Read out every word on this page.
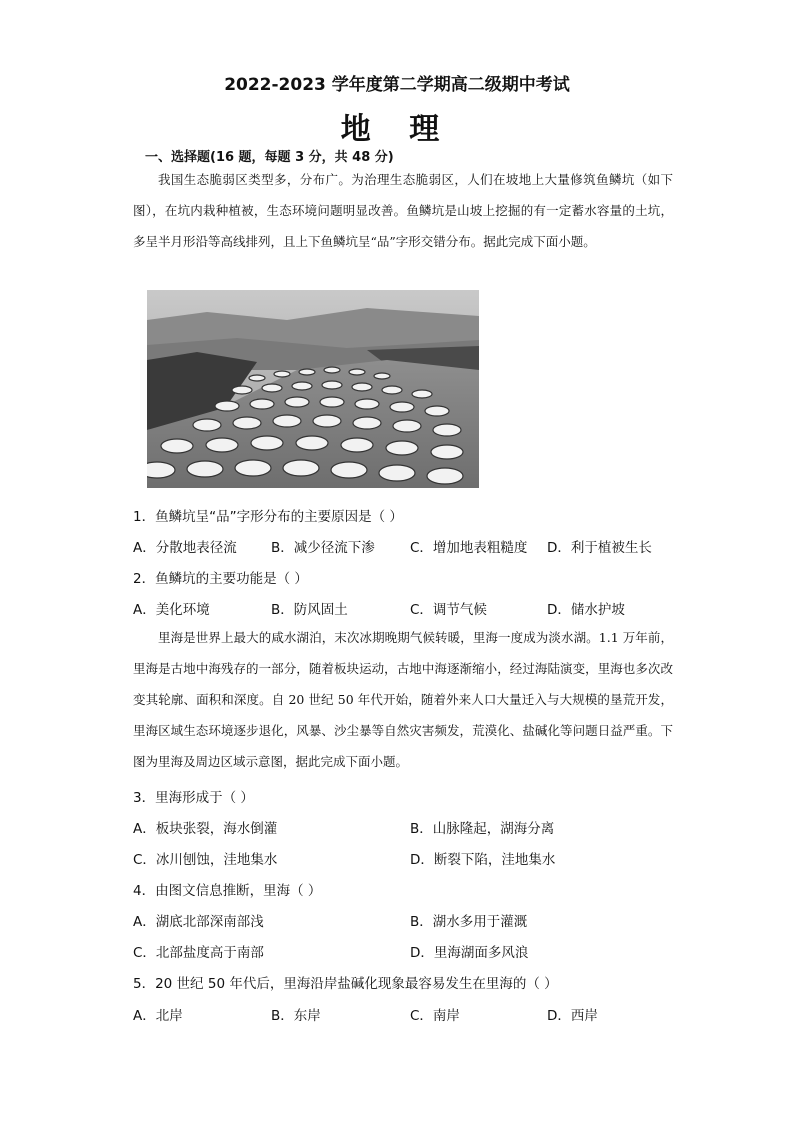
2022-2023 学年度第二学期高二级期中考试
地 理
一、选择题(16 题，每题 3 分，共 48 分)

我国生态脆弱区类型多，分布广。为治理生态脆弱区，人们在坡地上大量修筑鱼鳞坑（如下图），在坑内栽种植被，生态环境问题明显改善。鱼鳞坑是山坡上挖掘的有一定蓄水容量的土坑，多呈半月形沿等高线排列，且上下鱼鳞坑呈“品”字形交错分布。据此完成下面小题。

1．鱼鳞坑呈“品”字形分布的主要原因是（ ）
A．分散地表径流	B．减少径流下渗	C．增加地表粗糙度 D．利于植被生长
2．鱼鳞坑的主要功能是（ ）
A．美化环境	B．防风固土	C．调节气候	D．储水护坡

里海是世界上最大的咸水湖泊，末次冰期晚期气候转暖，里海一度成为淡水湖。1.1 万年前，里海是古地中海残存的一部分，随着板块运动，古地中海逐渐缩小，经过海陆演变，里海也多次改变其轮廓、面积和深度。自 20 世纪 50 年代开始，随着外来人口大量迁入与大规模的垦荒开发，里海区域生态环境逐步退化，风暴、沙尘暴等自然灾害频发，荒漠化、盐碱化等问题日益严重。下图为里海及周边区域示意图，据此完成下面小题。

3．里海形成于（ ）
A．板块张裂，海水倒灌	B．山脉隆起，湖海分离
C．冰川刨蚀，洼地集水	D．断裂下陷，洼地集水
4．由图文信息推断，里海（ ）
A．湖底北部深南部浅	B．湖水多用于灌溉
C．北部盐度高于南部	D．里海湖面多风浪
5．20 世纪 50 年代后，里海沿岸盐碱化现象最容易发生在里海的（ ）
A．北岸	B．东岸	C．南岸	D．西岸
